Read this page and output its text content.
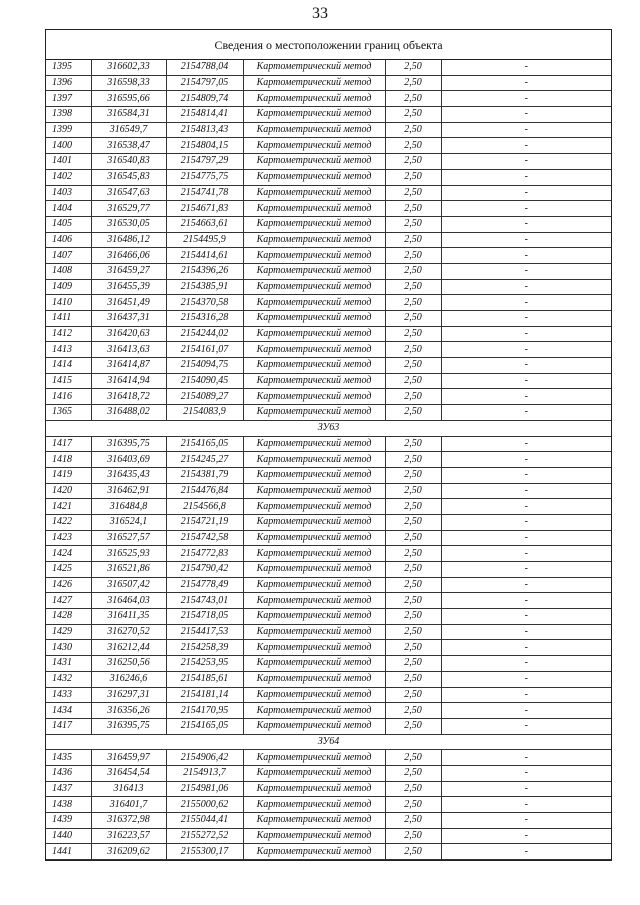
33
Сведения о местоположении границ объекта
1395	316602,33	2154788,04	Картометрический метод	2,50	-
1396	316598,33	2154797,05	Картометрический метод	2,50	-
1397	316595,66	2154809,74	Картометрический метод	2,50	-
1398	316584,31	2154814,41	Картометрический метод	2,50	-
1399	316549,7	2154813,43	Картометрический метод	2,50	-
1400	316538,47	2154804,15	Картометрический метод	2,50	-
1401	316540,83	2154797,29	Картометрический метод	2,50	-
1402	316545,83	2154775,75	Картометрический метод	2,50	-
1403	316547,63	2154741,78	Картометрический метод	2,50	-
1404	316529,77	2154671,83	Картометрический метод	2,50	-
1405	316530,05	2154663,61	Картометрический метод	2,50	-
1406	316486,12	2154495,9	Картометрический метод	2,50	-
1407	316466,06	2154414,61	Картометрический метод	2,50	-
1408	316459,27	2154396,26	Картометрический метод	2,50	-
1409	316455,39	2154385,91	Картометрический метод	2,50	-
1410	316451,49	2154370,58	Картометрический метод	2,50	-
1411	316437,31	2154316,28	Картометрический метод	2,50	-
1412	316420,63	2154244,02	Картометрический метод	2,50	-
1413	316413,63	2154161,07	Картометрический метод	2,50	-
1414	316414,87	2154094,75	Картометрический метод	2,50	-
1415	316414,94	2154090,45	Картометрический метод	2,50	-
1416	316418,72	2154089,27	Картометрический метод	2,50	-
1365	316488,02	2154083,9	Картометрический метод	2,50	-
ЗУ63					
1417	316395,75	2154165,05	Картометрический метод	2,50	-
1418	316403,69	2154245,27	Картометрический метод	2,50	-
1419	316435,43	2154381,79	Картометрический метод	2,50	-
1420	316462,91	2154476,84	Картометрический метод	2,50	-
1421	316484,8	2154566,8	Картометрический метод	2,50	-
1422	316524,1	2154721,19	Картометрический метод	2,50	-
1423	316527,57	2154742,58	Картометрический метод	2,50	-
1424	316525,93	2154772,83	Картометрический метод	2,50	-
1425	316521,86	2154790,42	Картометрический метод	2,50	-
1426	316507,42	2154778,49	Картометрический метод	2,50	-
1427	316464,03	2154743,01	Картометрический метод	2,50	-
1428	316411,35	2154718,05	Картометрический метод	2,50	-
1429	316270,52	2154417,53	Картометрический метод	2,50	-
1430	316212,44	2154258,39	Картометрический метод	2,50	-
1431	316250,56	2154253,95	Картометрический метод	2,50	-
1432	316246,6	2154185,61	Картометрический метод	2,50	-
1433	316297,31	2154181,14	Картометрический метод	2,50	-
1434	316356,26	2154170,95	Картометрический метод	2,50	-
1417	316395,75	2154165,05	Картометрический метод	2,50	-
ЗУ64					
1435	316459,97	2154906,42	Картометрический метод	2,50	-
1436	316454,54	2154913,7	Картометрический метод	2,50	-
1437	316413	2154981,06	Картометрический метод	2,50	-
1438	316401,7	2155000,62	Картометрический метод	2,50	-
1439	316372,98	2155044,41	Картометрический метод	2,50	-
1440	316223,57	2155272,52	Картометрический метод	2,50	-
1441	316209,62	2155300,17	Картометрический метод	2,50	-
